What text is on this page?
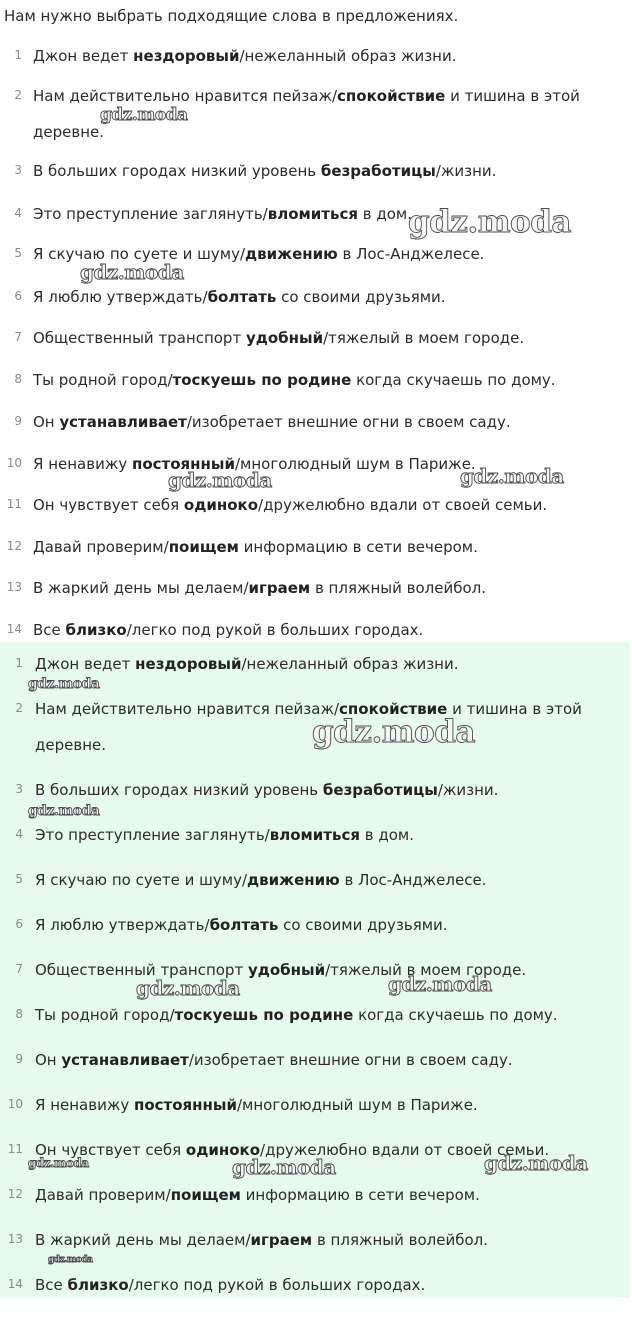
Нам нужно выбрать подходящие слова в предложениях.
1 Джон ведет нездоровый/нежеланный образ жизни.
2 Нам действительно нравится пейзаж/спокойствие и тишина в этой
деревне.
3 В больших городах низкий уровень безработицы/жизни.
4 Это преступление заглянуть/вломиться в дом.
5 Я скучаю по суете и шуму/движению в Лос-Анджелесе.
6 Я люблю утверждать/болтать со своими друзьями.
7 Общественный транспорт удобный/тяжелый в моем городе.
8 Ты родной город/тоскуешь по родине когда скучаешь по дому.
9 Он устанавливает/изобретает внешние огни в своем саду.
10 Я ненавижу постоянный/многолюдный шум в Париже.
11 Он чувствует себя одиноко/дружелюбно вдали от своей семьи.
12 Давай проверим/поищем информацию в сети вечером.
13 В жаркий день мы делаем/играем в пляжный волейбол.
14 Все близко/легко под рукой в больших городах.
1 Джон ведет нездоровый/нежеланный образ жизни.
2 Нам действительно нравится пейзаж/спокойствие и тишина в этой
деревне.
3 В больших городах низкий уровень безработицы/жизни.
4 Это преступление заглянуть/вломиться в дом.
5 Я скучаю по суете и шуму/движению в Лос-Анджелесе.
6 Я люблю утверждать/болтать со своими друзьями.
7 Общественный транспорт удобный/тяжелый в моем городе.
8 Ты родной город/тоскуешь по родине когда скучаешь по дому.
9 Он устанавливает/изобретает внешние огни в своем саду.
10 Я ненавижу постоянный/многолюдный шум в Париже.
11 Он чувствует себя одиноко/дружелюбно вдали от своей семьи.
12 Давай проверим/поищем информацию в сети вечером.
13 В жаркий день мы делаем/играем в пляжный волейбол.
14 Все близко/легко под рукой в больших городах.
gdz.moda
gdz.moda
gdz.moda
gdz.moda	gdz.moda
gdz.moda
gdz.moda
gdz.moda
gdz.moda	gdz.moda
gdz.moda	gdz.moda	gdz.moda
gdz.moda
